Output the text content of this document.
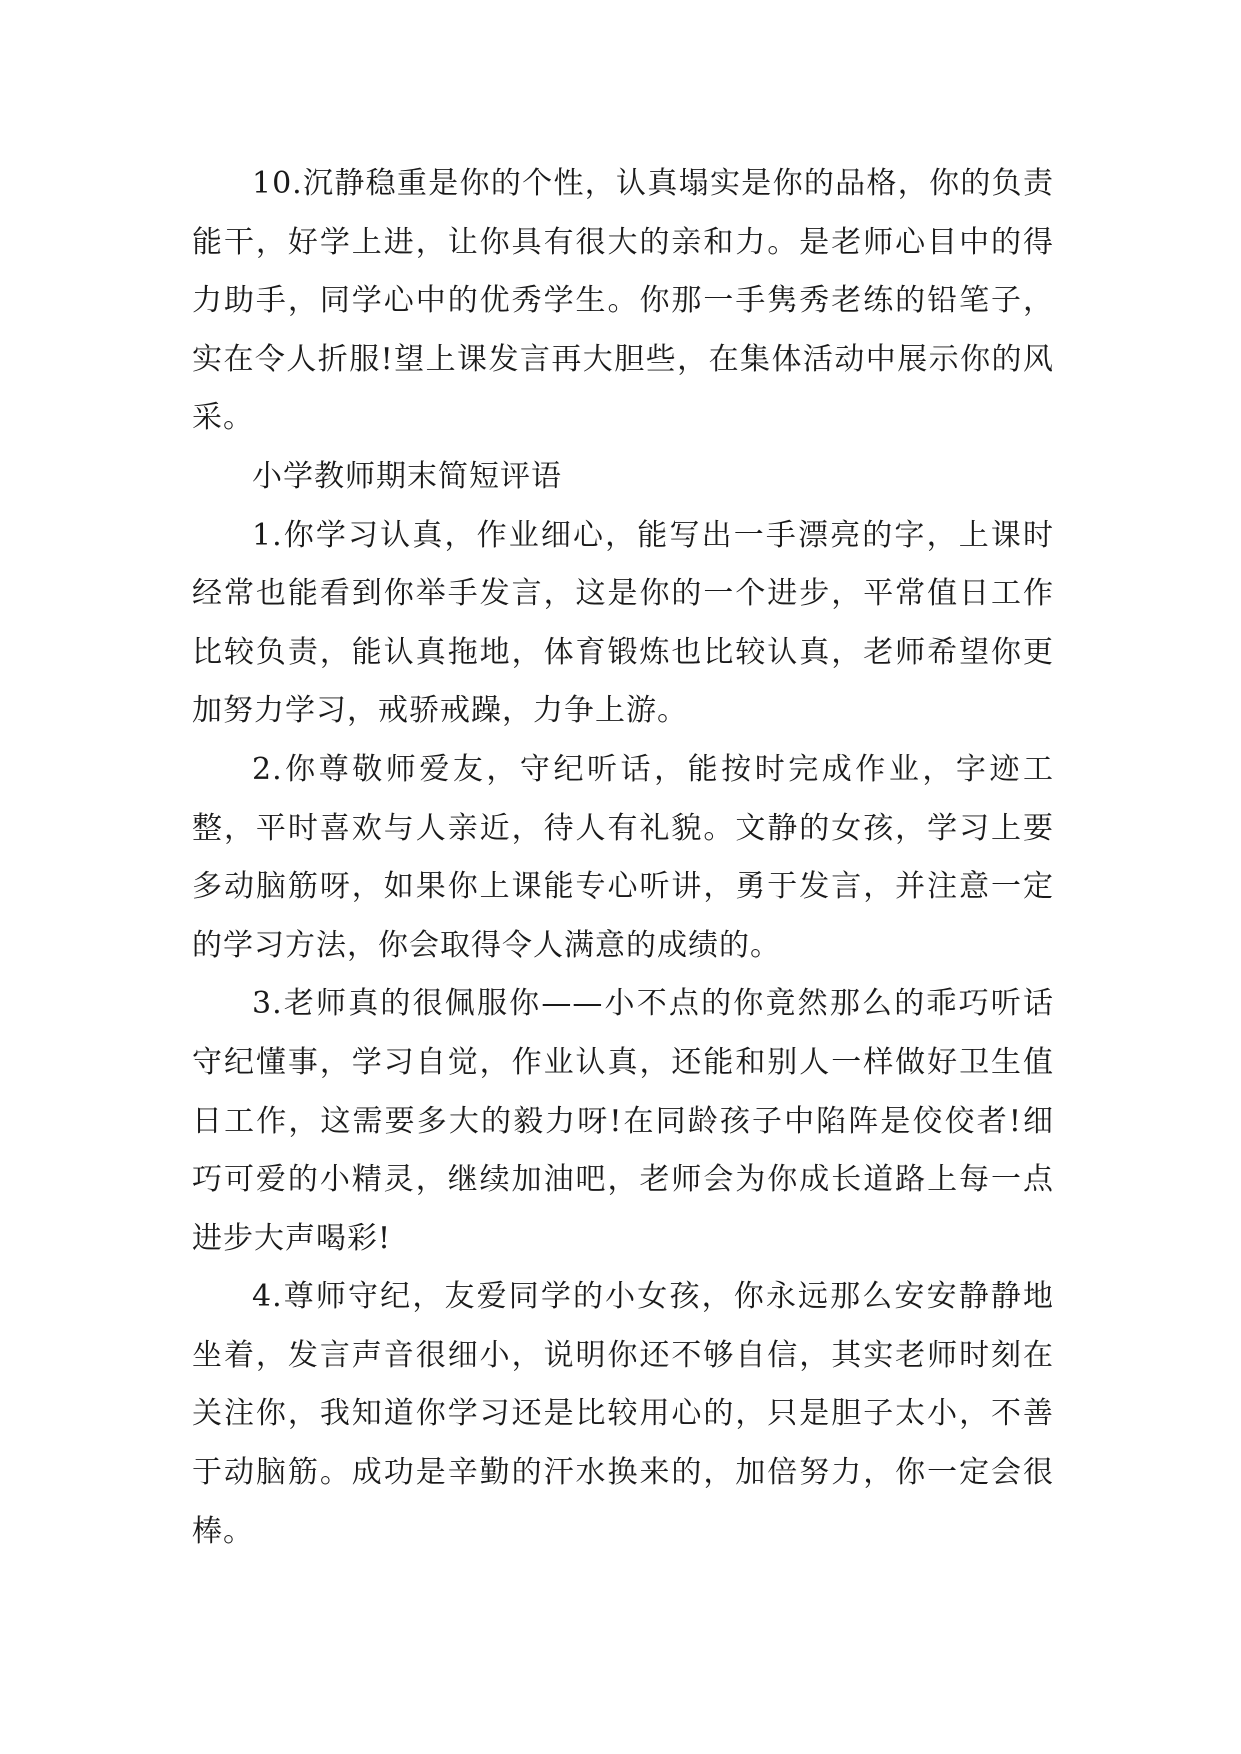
10.沉静稳重是你的个性，认真塌实是你的品格，你的负责能干，好学上进，让你具有很大的亲和力。是老师心目中的得力助手，同学心中的优秀学生。你那一手隽秀老练的铅笔子，实在令人折服!望上课发言再大胆些，在集体活动中展示你的风采。

小学教师期末简短评语

1.你学习认真，作业细心，能写出一手漂亮的字，上课时经常也能看到你举手发言，这是你的一个进步，平常值日工作比较负责，能认真拖地，体育锻炼也比较认真，老师希望你更加努力学习，戒骄戒躁，力争上游。

2.你尊敬师爱友，守纪听话，能按时完成作业，字迹工整，平时喜欢与人亲近，待人有礼貌。文静的女孩，学习上要多动脑筋呀，如果你上课能专心听讲，勇于发言，并注意一定的学习方法，你会取得令人满意的成绩的。

3.老师真的很佩服你——小不点的你竟然那么的乖巧听话守纪懂事，学习自觉，作业认真，还能和别人一样做好卫生值日工作，这需要多大的毅力呀!在同龄孩子中陷阵是佼佼者!细巧可爱的小精灵，继续加油吧，老师会为你成长道路上每一点进步大声喝彩!

4.尊师守纪，友爱同学的小女孩，你永远那么安安静静地坐着，发言声音很细小，说明你还不够自信，其实老师时刻在关注你，我知道你学习还是比较用心的，只是胆子太小，不善于动脑筋。成功是辛勤的汗水换来的，加倍努力，你一定会很棒。
